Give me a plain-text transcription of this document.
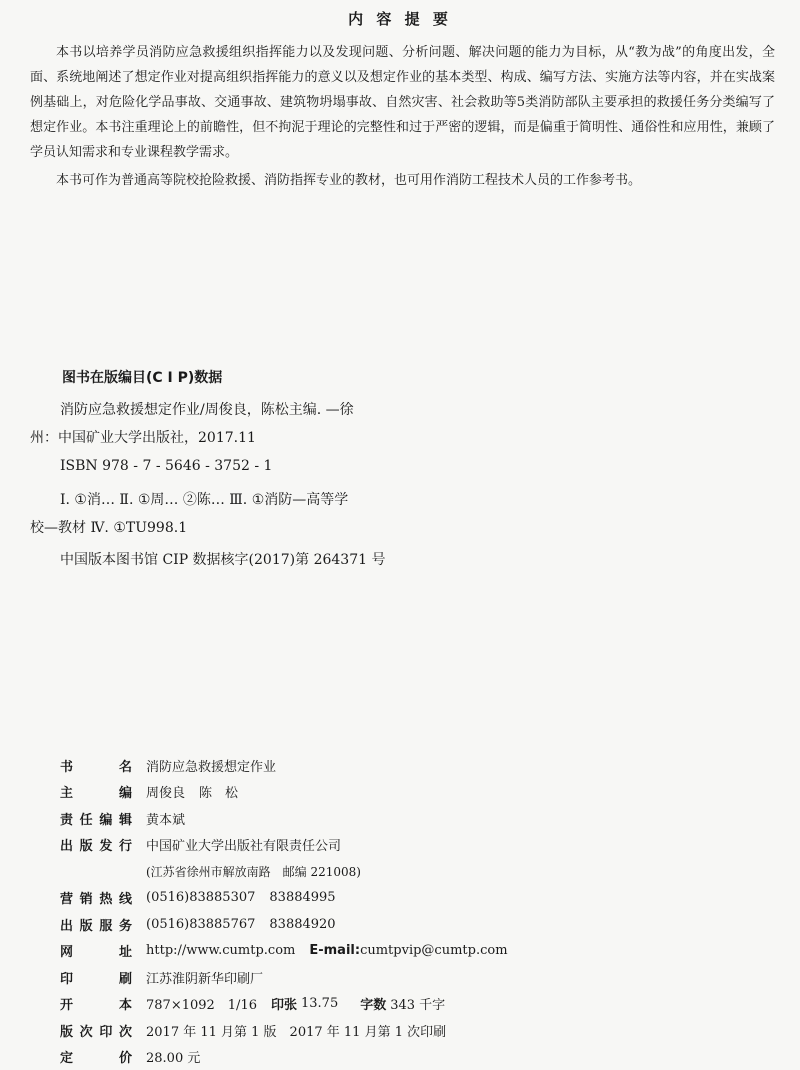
内 容 提 要

本书以培养学员消防应急救援组织指挥能力以及发现问题、分析问题、解决问题的能力为目标，从“教为战”的角度出发，全面、系统地阐述了想定作业对提高组织指挥能力的意义以及想定作业的基本类型、构成、编写方法、实施方法等内容，并在实战案例基础上，对危险化学品事故、交通事故、建筑物坍塌事故、自然灾害、社会救助等5类消防部队主要承担的救援任务分类编写了想定作业。本书注重理论上的前瞻性，但不拘泥于理论的完整性和过于严密的逻辑，而是偏重于简明性、通俗性和应用性，兼顾了学员认知需求和专业课程教学需求。

本书可作为普通高等院校抢险救援、消防指挥专业的教材，也可用作消防工程技术人员的工作参考书。

图书在版编目(C I P)数据
消防应急救援想定作业/周俊良，陈松主编. —徐
州：中国矿业大学出版社，2017.11
ISBN 978 - 7 - 5646 - 3752 - 1
Ⅰ. ①消… Ⅱ. ①周… ②陈… Ⅲ. ①消防—高等学
校—教材 Ⅳ. ①TU998.1
中国版本图书馆 CIP 数据核字(2017)第 264371 号
书　　名 消防应急救援想定作业
主　　编 周俊良 陈　松
责任编辑 黄本斌
出版发行 中国矿业大学出版社有限责任公司
(江苏省徐州市解放南路　邮编 221008)
营销热线 (0516)83885307 83884995
出版服务 (0516)83885767 83884920
网　　址 http://www.cumtp.com E-mail: cumtpvip@cumtp.com
印　　刷 江苏淮阴新华印刷厂
开　　本 787×1092　1/16 印张 13.75 字数 343 千字
版次印次 2017 年 11 月第 1 版　2017 年 11 月第 1 次印刷
定　　价 28.00 元
